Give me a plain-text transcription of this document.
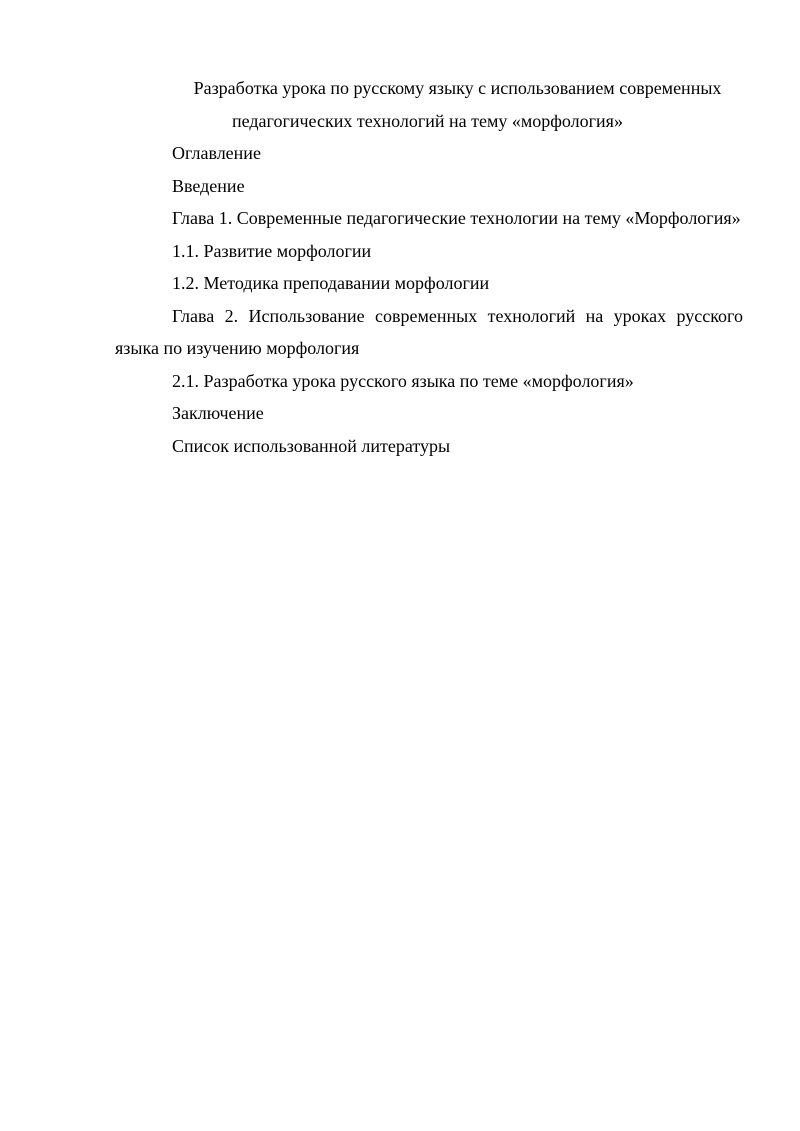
Разработка урока по русскому языку с использованием современных
педагогических технологий на тему «морфология»

Оглавление

Введение

Глава 1. Современные педагогические технологии на тему «Морфология»

1.1. Развитие морфологии

1.2. Методика преподавании морфологии

Глава 2. Использование современных технологий на уроках русского языка по изучению морфология

2.1. Разработка урока русского языка по теме «морфология»

Заключение

Список использованной литературы
